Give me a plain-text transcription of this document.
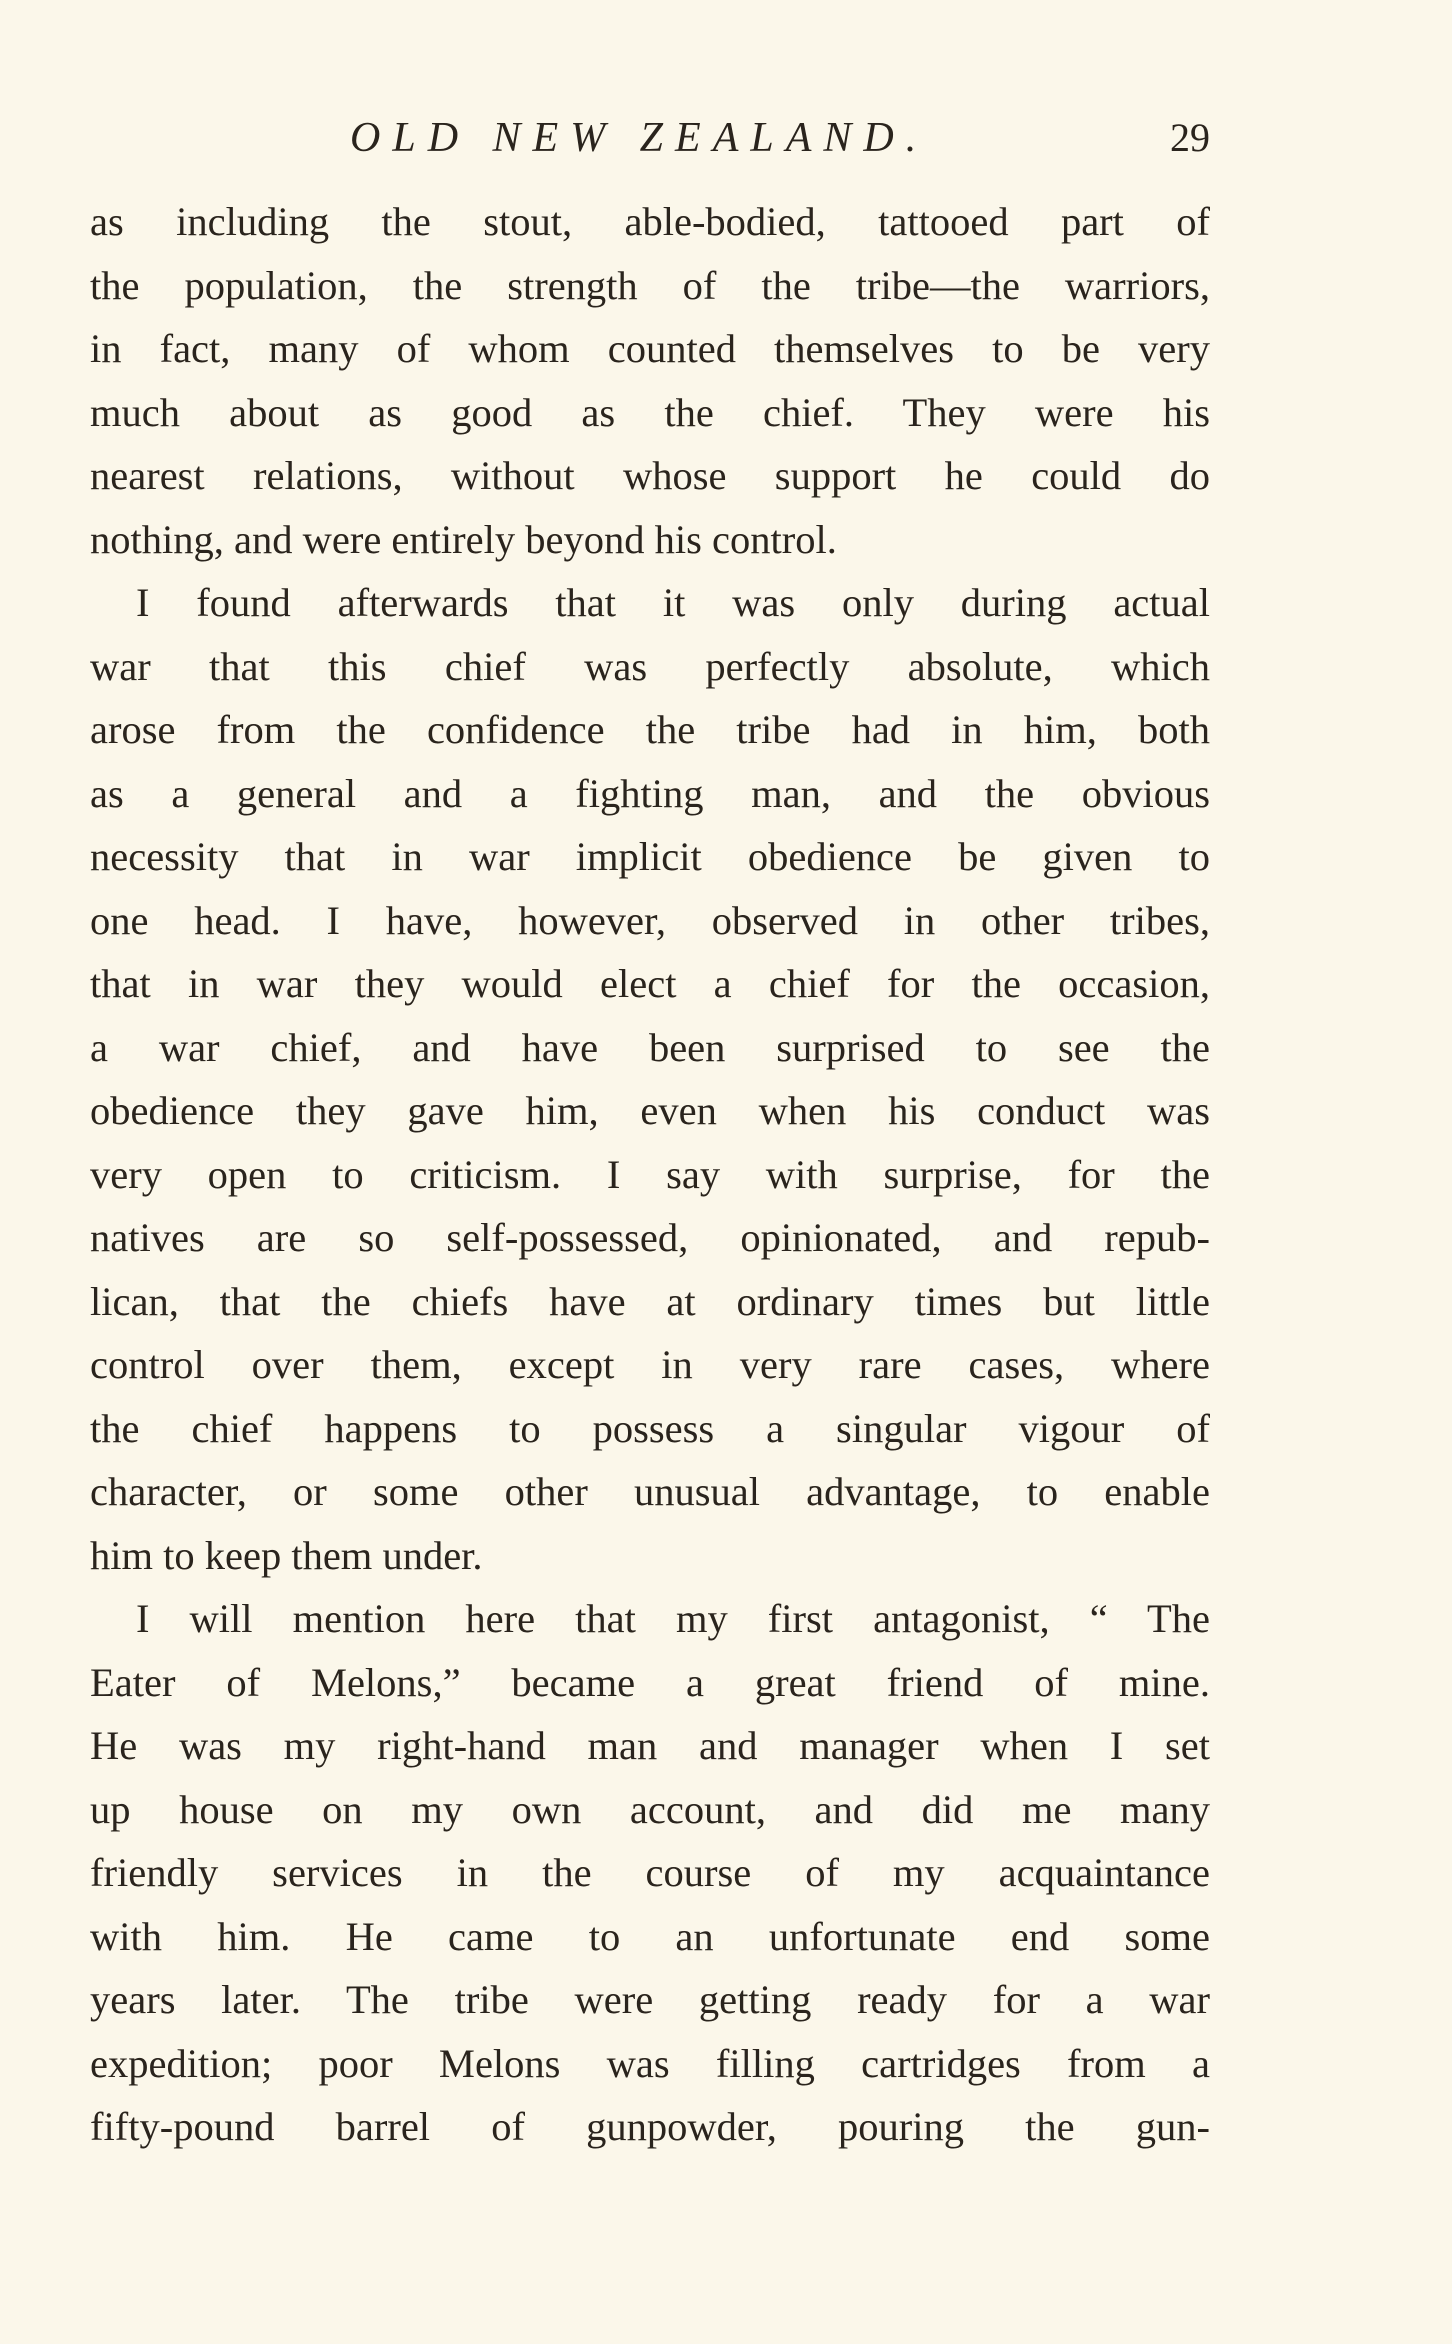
OLD NEW ZEALAND.	29
as including the stout, able-bodied, tattooed part of
the population, the strength of the tribe—the warriors,
in fact, many of whom counted themselves to be very
much about as good as the chief. They were his
nearest relations, without whose support he could do
nothing, and were entirely beyond his control.
I found afterwards that it was only during actual
war that this chief was perfectly absolute, which
arose from the confidence the tribe had in him, both
as a general and a fighting man, and the obvious
necessity that in war implicit obedience be given to
one head. I have, however, observed in other tribes,
that in war they would elect a chief for the occasion,
a war chief, and have been surprised to see the
obedience they gave him, even when his conduct was
very open to criticism. I say with surprise, for the
natives are so self-possessed, opinionated, and repub-
lican, that the chiefs have at ordinary times but little
control over them, except in very rare cases, where
the chief happens to possess a singular vigour of
character, or some other unusual advantage, to enable
him to keep them under.
I will mention here that my first antagonist, “ The
Eater of Melons,” became a great friend of mine.
He was my right-hand man and manager when I set
up house on my own account, and did me many
friendly services in the course of my acquaintance
with him. He came to an unfortunate end some
years later. The tribe were getting ready for a war
expedition; poor Melons was filling cartridges from a
fifty-pound barrel of gunpowder, pouring the gun-
